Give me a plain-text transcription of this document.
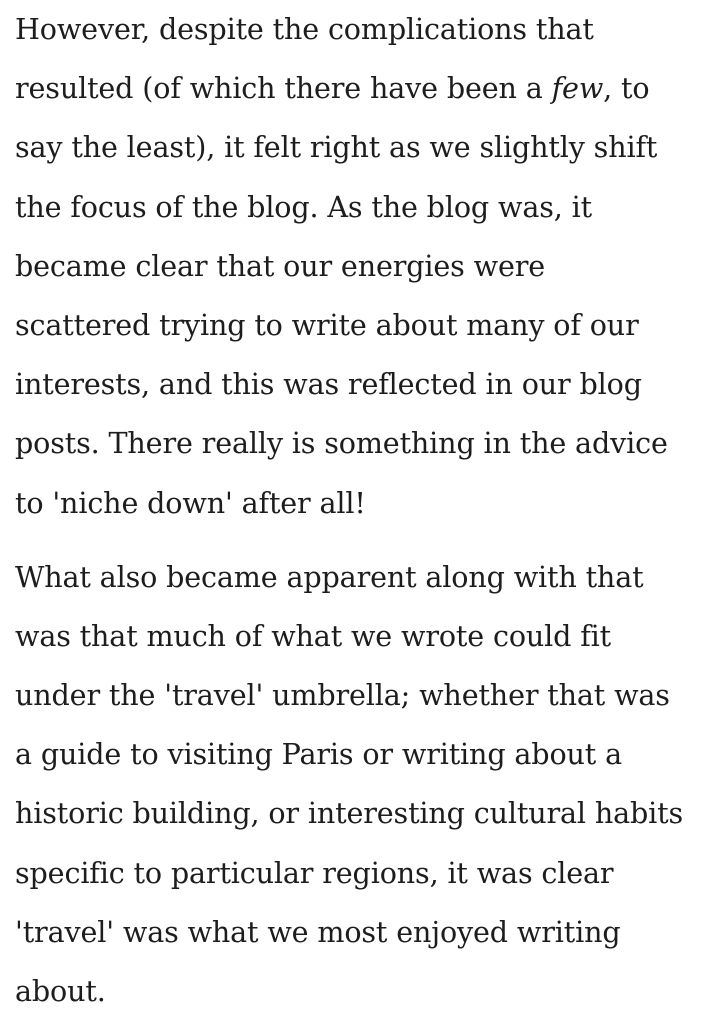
However, despite the complications that
resulted (of which there have been a few, to
say the least), it felt right as we slightly shift
the focus of the blog. As the blog was, it
became clear that our energies were
scattered trying to write about many of our
interests, and this was reflected in our blog
posts. There really is something in the advice
to 'niche down' after all!

What also became apparent along with that
was that much of what we wrote could fit
under the 'travel' umbrella; whether that was
a guide to visiting Paris or writing about a
historic building, or interesting cultural habits
specific to particular regions, it was clear
'travel' was what we most enjoyed writing
about.
